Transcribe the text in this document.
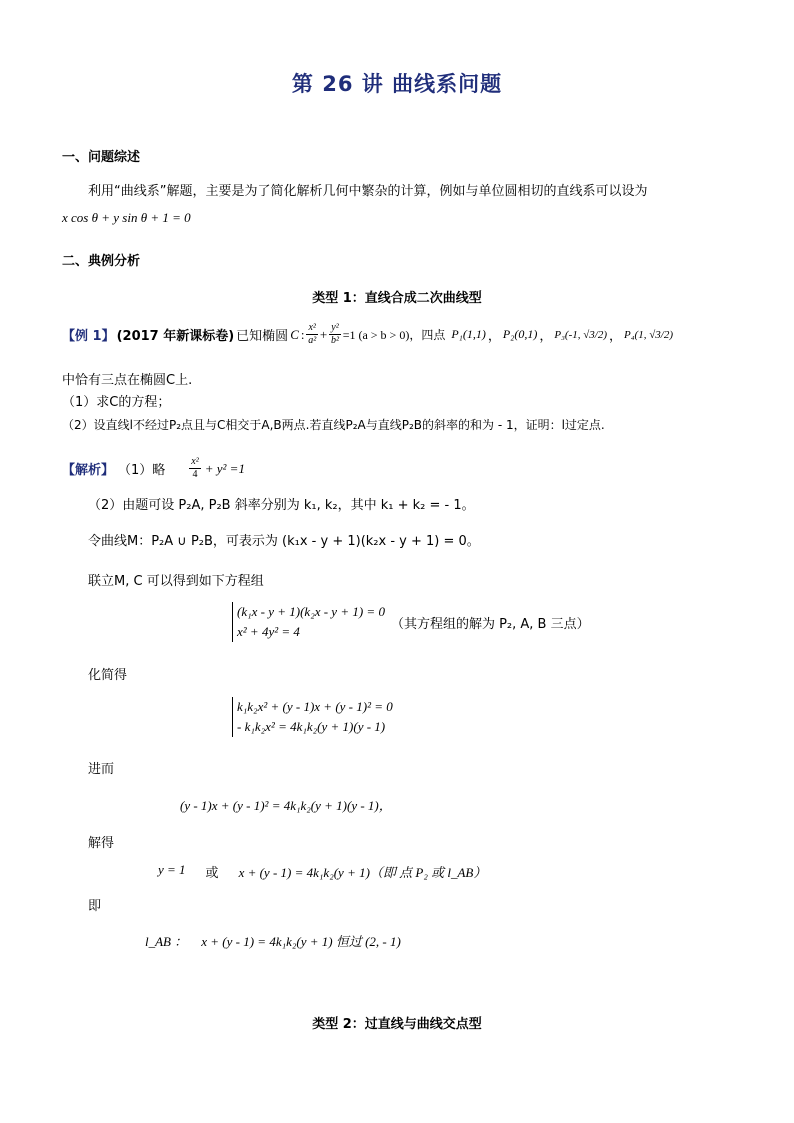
第 26 讲 曲线系问题
一、问题综述
利用“曲线系”解题，主要是为了简化解析几何中繁杂的计算，例如与单位圆相切的直线系可以设为
x cos θ + y sin θ + 1 = 0
二、典例分析
类型 1：直线合成二次曲线型
【例 1】 (2017 年新课标卷) 已知椭圆 C : $\frac{\text{x²}}{\text{a²}} + \frac{\text{y²}}{\text{b²}} =1$ (a > b > 0)，四点 P₁(1,1) ， P₂(0,1) ， P₃(-1, √3/2) ， P₄(1, √3/2)
中恰有三点在椭圆C上.
（1）求C的方程；
（2）设直线l不经过P₂点且与C相交于A,B两点.若直线P₂A与直线P₂B的斜率的和为 - 1，证明：l过定点.
【解析】 （1）略 $\frac{\text{x²}}{4} + y^2 =1$
（2）由题可设 P₂A, P₂B 斜率分别为 k₁, k₂，其中 k₁ + k₂ = - 1。
令曲线M：P₂A ∪ P₂B，可表示为 (k₁x - y + 1)(k₂x - y + 1) = 0。
联立M, C 可以得到如下方程组
(k₁x - y + 1)(k₂x - y + 1) = 0
x² + 4y² = 4	（其方程组的解为 P₂, A, B 三点）
化简得
k₁k₂x² + (y - 1)x + (y - 1)² = 0
- k₁k₂x² = 4k₁k₂(y + 1)(y - 1)
进而
(y - 1)x + (y - 1)² = 4k₁k₂(y + 1)(y - 1)，
解得
y = 1 或 x + (y - 1) = 4k₁k₂(y + 1)（即 点 P₂ 或 l_AB）
即
l_AB ： x + (y - 1) = 4k₁k₂(y + 1) 恒过 (2, - 1)
类型 2：过直线与曲线交点型
